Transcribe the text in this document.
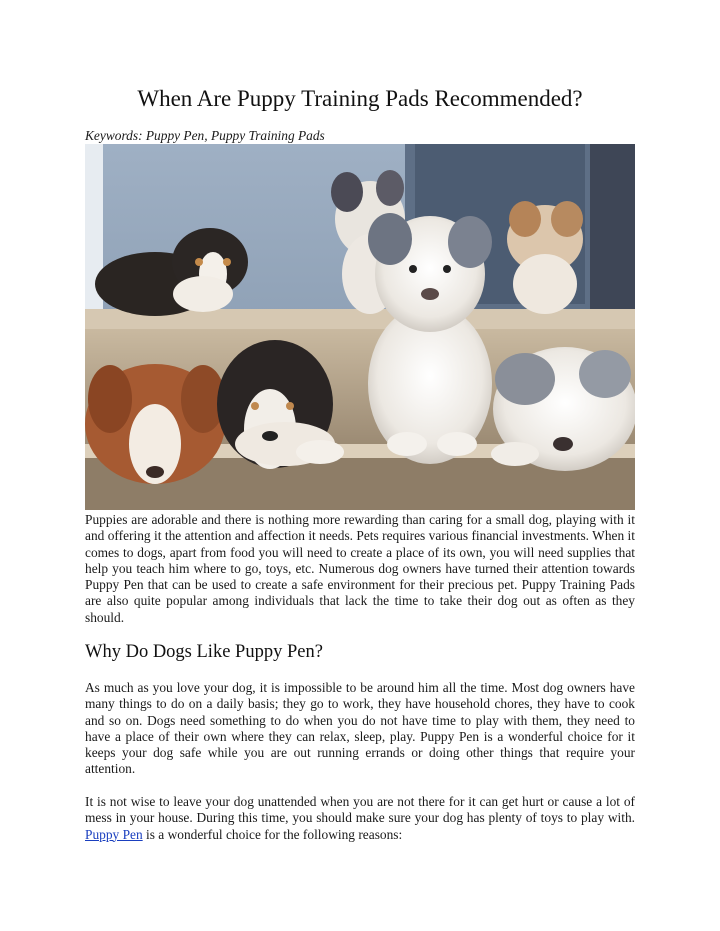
When Are Puppy Training Pads Recommended?
Keywords: Puppy Pen, Puppy Training Pads

Puppies are adorable and there is nothing more rewarding than caring for a small dog, playing with it and offering it the attention and affection it needs. Pets requires various financial investments. When it comes to dogs, apart from food you will need to create a place of its own, you will need supplies that help you teach him where to go, toys, etc. Numerous dog owners have turned their attention towards Puppy Pen that can be used to create a safe environment for their precious pet. Puppy Training Pads are also quite popular among individuals that lack the time to take their dog out as often as they should.

Why Do Dogs Like Puppy Pen?

As much as you love your dog, it is impossible to be around him all the time. Most dog owners have many things to do on a daily basis; they go to work, they have household chores, they have to cook and so on. Dogs need something to do when you do not have time to play with them, they need to have a place of their own where they can relax, sleep, play. Puppy Pen is a wonderful choice for it keeps your dog safe while you are out running errands or doing other things that require your attention.

It is not wise to leave your dog unattended when you are not there for it can get hurt or cause a lot of mess in your house. During this time, you should make sure your dog has plenty of toys to play with.  Puppy Pen is a wonderful choice for the following reasons:
